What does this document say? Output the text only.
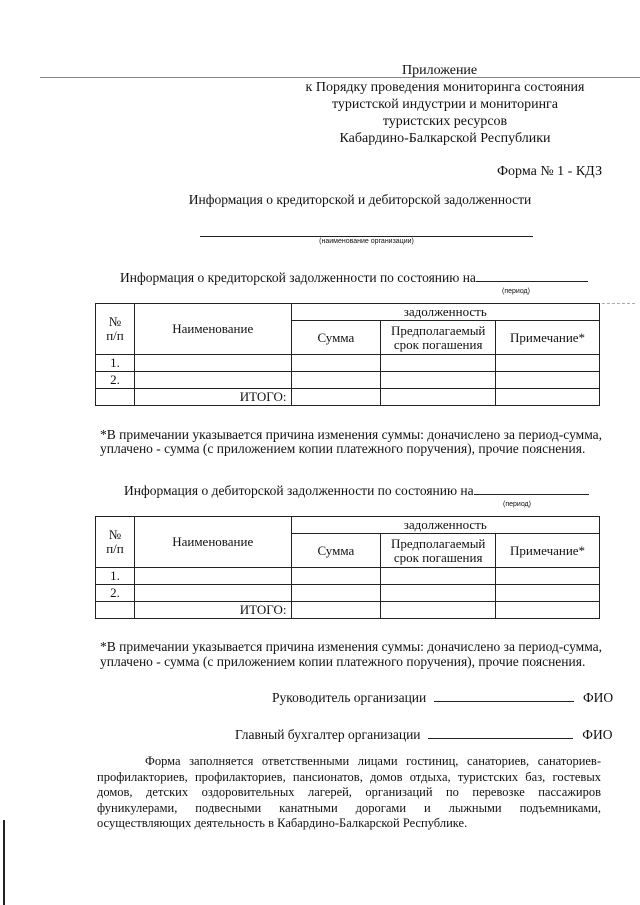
Приложение
к Порядку проведения мониторинга состояния
туристской индустрии и мониторинга
туристских ресурсов
Кабардино-Балкарской Республики
Форма № 1 - КДЗ
Информация о кредиторской и дебиторской задолженности
(наименование организации)
Информация о кредиторской задолженности по состоянию на
(период)
№ п/п	Наименование	задолженность		
		Сумма	Предполагаемый срок погашения	Примечание*
1.				
2.				
	ИТОГО:			
*В примечании указывается причина изменения суммы: доначислено за период-сумма,
уплачено - сумма (с приложением копии платежного поручения), прочие пояснения.
Информация о дебиторской задолженности по состоянию на
(период)
№ п/п	Наименование	задолженность		
		Сумма	Предполагаемый срок погашения	Примечание*
1.				
2.				
	ИТОГО:			
*В примечании указывается причина изменения суммы: доначислено за период-сумма,
уплачено - сумма (с приложением копии платежного поручения), прочие пояснения.
Руководитель организации	ФИО
Главный бухгалтер организации	ФИО
Форма заполняется ответственными лицами гостиниц, санаториев, санаториев-
профилакториев, профилакториев, пансионатов, домов отдыха, туристских баз, гостевых
домов, детских оздоровительных лагерей, организаций по перевозке пассажиров
фуникулерами, подвесными канатными дорогами и лыжными подъемниками,
осуществляющих деятельность в Кабардино-Балкарской Республике.
